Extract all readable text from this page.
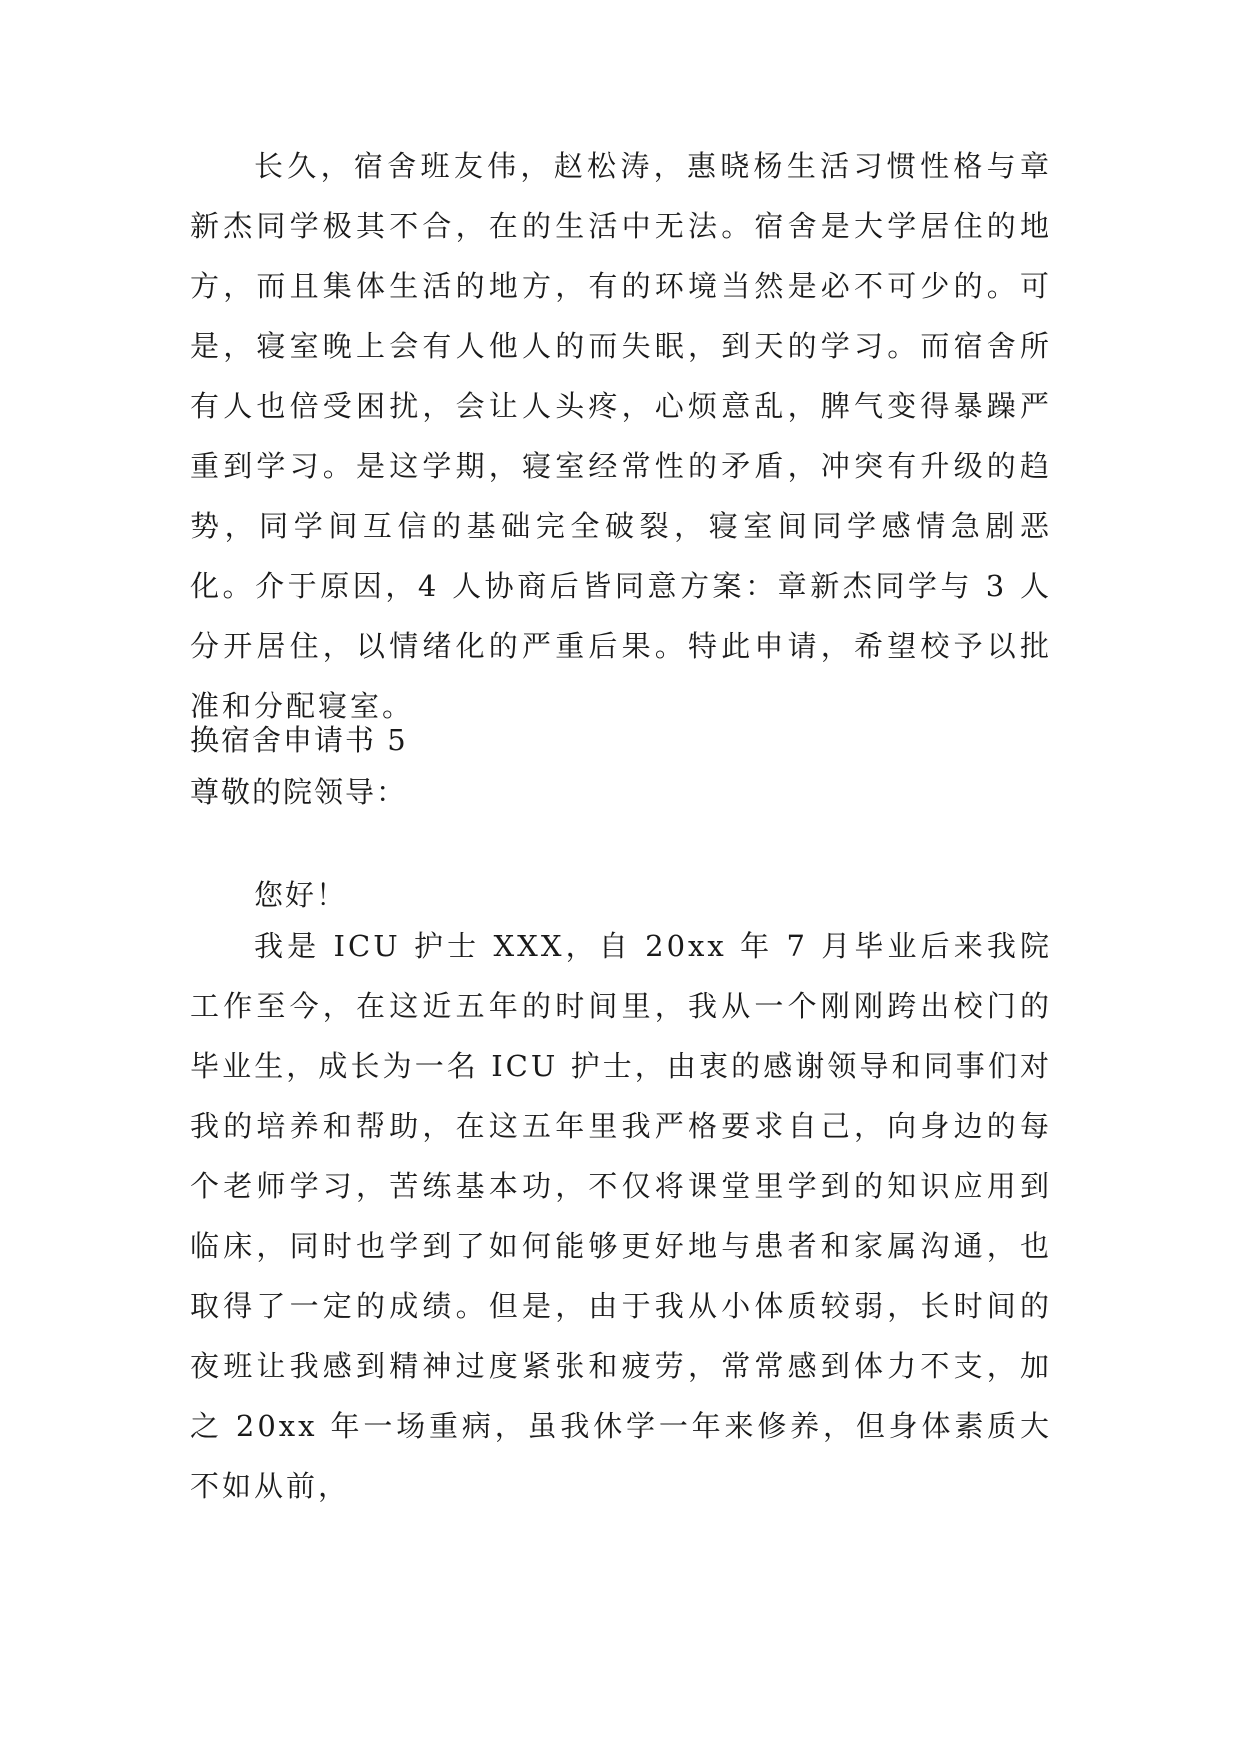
长久，宿舍班友伟，赵松涛，惠晓杨生活习惯性格与章新杰同学极其不合，在的生活中无法。宿舍是大学居住的地方，而且集体生活的地方，有的环境当然是必不可少的。可是，寝室晚上会有人他人的而失眠，到天的学习。而宿舍所有人也倍受困扰，会让人头疼，心烦意乱，脾气变得暴躁严重到学习。是这学期，寝室经常性的矛盾，冲突有升级的趋势，同学间互信的基础完全破裂，寝室间同学感情急剧恶化。介于原因，4 人协商后皆同意方案：章新杰同学与 3 人分开居住，以情绪化的严重后果。特此申请，希望校予以批准和分配寝室。

换宿舍申请书 5
尊敬的院领导：
您好！

我是 ICU 护士 XXX，自 20xx 年 7 月毕业后来我院工作至今，在这近五年的时间里，我从一个刚刚跨出校门的毕业生，成长为一名 ICU 护士，由衷的感谢领导和同事们对我的培养和帮助，在这五年里我严格要求自己，向身边的每个老师学习，苦练基本功，不仅将课堂里学到的知识应用到临床，同时也学到了如何能够更好地与患者和家属沟通，也取得了一定的成绩。但是，由于我从小体质较弱，长时间的夜班让我感到精神过度紧张和疲劳，常常感到体力不支，加之 20xx 年一场重病，虽我休学一年来修养，但身体素质大不如从前，
